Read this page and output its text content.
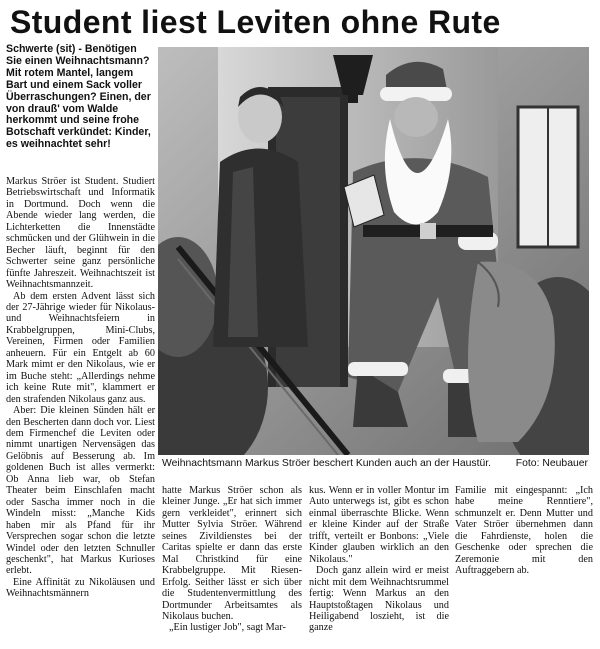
Student liest Leviten ohne Rute
Schwerte (sit) - Benötigen Sie einen Weihnachtsmann? Mit rotem Mantel, langem Bart und einem Sack voller Überraschungen? Einen, der von drauß' vom Walde herkommt und seine frohe Botschaft verkündet: Kinder, es weihnachtet sehr!

Markus Ströer ist Student. Studiert Betriebswirtschaft und Informatik in Dortmund. Doch wenn die Abende wieder lang werden, die Lichterketten die Innenstädte schmücken und der Glühwein in die Becher läuft, beginnt für den Schwerter seine ganz persönliche fünfte Jahreszeit. Weihnachtszeit ist Weihnachtsmannzeit.

Ab dem ersten Advent lässt sich der 27-Jährige wieder für Nikolaus- und Weihnachtsfeiern in Krabbelgruppen, Mini-Clubs, Vereinen, Firmen oder Familien anheuern. Für ein Entgelt ab 60 Mark mimt er den Nikolaus, wie er im Buche steht: „Allerdings nehme ich keine Rute mit", klammert er den strafenden Nikolaus ganz aus.

Aber: Die kleinen Sünden hält er den Bescherten dann doch vor. Liest dem Firmenchef die Leviten oder nimmt unartigen Nervensägen das Gelöbnis auf Besserung ab. Im goldenen Buch ist alles vermerkt: Ob Anna lieb war, ob Stefan Theater beim Einschlafen macht oder Sascha immer noch in die Windeln misst: „Manche Kids haben mir als Pfand für ihr Versprechen sogar schon die letzte Windel oder den letzten Schnuller geschenkt", hat Markus Kurioses erlebt.

Eine Affinität zu Nikoläusen und Weihnachtsmännern

Weihnachtsmann Markus Ströer beschert Kunden auch an der Haustür. Foto: Neubauer

hatte Markus Ströer schon als kleiner Junge. „Er hat sich immer gern verkleidet", erinnert sich Mutter Sylvia Ströer. Während seines Zivildienstes bei der Caritas spielte er dann das erste Mal Christkind für eine Krabbelgruppe. Mit Riesen-Erfolg. Seither lässt er sich über die Studentenvermittlung des Dortmunder Arbeitsamtes als Nikolaus buchen.

„Ein lustiger Job", sagt Mar-

kus. Wenn er in voller Montur im Auto unterwegs ist, gibt es schon einmal überraschte Blicke. Wenn er kleine Kinder auf der Straße trifft, verteilt er Bonbons: „Viele Kinder glauben wirklich an den Nikolaus."

Doch ganz allein wird er meist nicht mit dem Weihnachtsrummel fertig: Wenn Markus an den Hauptstoßtagen Nikolaus und Heiligabend loszieht, ist die ganze

Familie mit eingespannt: „Ich habe meine Renntiere", schmunzelt er. Denn Mutter und Vater Ströer übernehmen dann die Fahrdienste, holen die Geschenke oder sprechen die Zeremonie mit den Auftraggebern ab.
